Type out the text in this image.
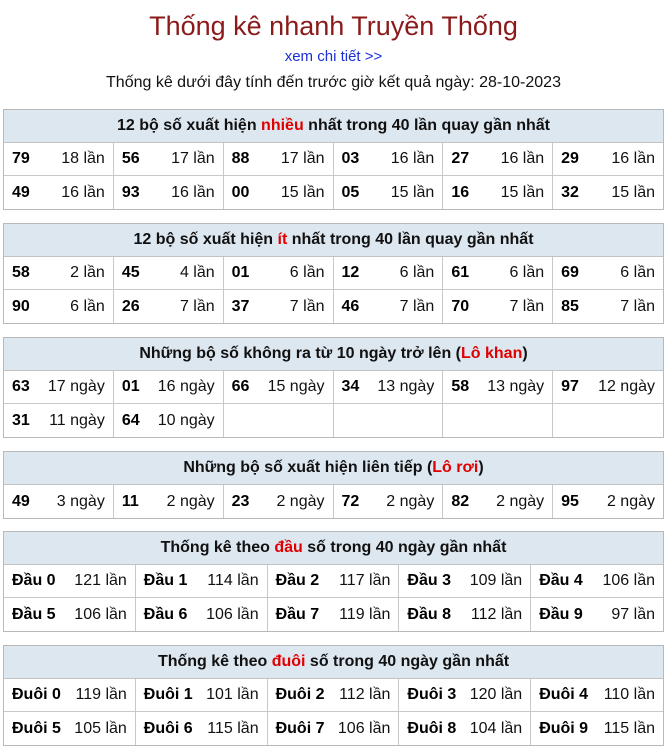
Thống kê nhanh Truyền Thống
xem chi tiết >>
Thống kê dưới đây tính đến trước giờ kết quả ngày: 28-10-2023
12 bộ số xuất hiện nhiều nhất trong 40 lần quay gần nhất
79 18 lần 56 17 lần 88 17 lần 03 16 lần 27 16 lần 29 16 lần
49 16 lần 93 16 lần 00 15 lần 05 15 lần 16 15 lần 32 15 lần
12 bộ số xuất hiện ít nhất trong 40 lần quay gần nhất
58	2 lần 45	4 lần 01	6 lần 12	6 lần 61	6 lần 69	6 lần
90	6 lần 26	7 lần 37	7 lần 46	7 lần 70	7 lần 85	7 lần
Những bộ số không ra từ 10 ngày trở lên (Lô khan)
63 17 ngày 01 16 ngày 66 15 ngày 34 13 ngày 58 13 ngày 97 12 ngày
31 11 ngày 64 10 ngày
Những bộ số xuất hiện liên tiếp (Lô rơi)
49 3 ngày 11 2 ngày 23 2 ngày 72 2 ngày 82 2 ngày 95 2 ngày
Thống kê theo đầu số trong 40 ngày gần nhất
Đầu 0 121 lần Đầu 1 114 lần Đầu 2 117 lần Đầu 3 109 lần Đầu 4 106 lần
Đầu 5 106 lần Đầu 6 106 lần Đầu 7 119 lần Đầu 8 112 lần Đầu 9 97 lần
Thống kê theo đuôi số trong 40 ngày gần nhất
Đuôi 0 119 lần Đuôi 1 101 lần Đuôi 2 112 lần Đuôi 3 120 lần Đuôi 4 110 lần
Đuôi 5 105 lần Đuôi 6 115 lần Đuôi 7 106 lần Đuôi 8 104 lần Đuôi 9 115 lần
